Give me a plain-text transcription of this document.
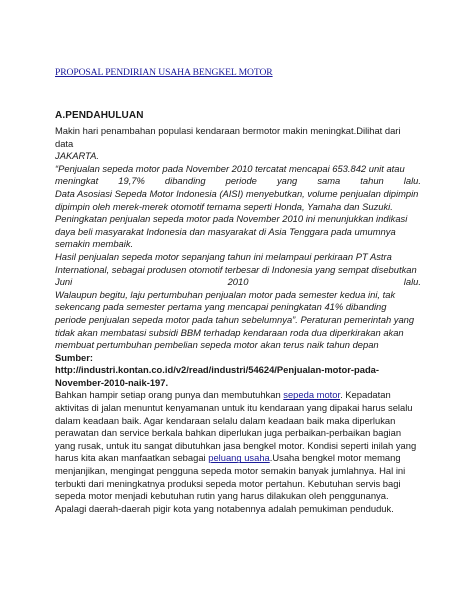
PROPOSAL PENDIRIAN USAHA BENGKEL MOTOR
A.PENDAHULUAN
Makin hari penambahan populasi kendaraan bermotor makin meningkat.Dilihat dari
data
JAKARTA.
“Penjualan sepeda motor pada November 2010 tercatat mencapai 653.842 unit atau
meningkat 19,7% dibanding periode yang sama tahun lalu.
Data Asosiasi Sepeda Motor Indonesia (AISI) menyebutkan, volume penjualan dipimpin
dipimpin oleh merek-merek otomotif ternama seperti Honda, Yamaha dan Suzuki.
Peningkatan penjualan sepeda motor pada November 2010 ini menunjukkan indikasi
daya beli masyarakat Indonesia dan masyarakat di Asia Tenggara pada umumnya
semakin membaik.
Hasil penjualan sepeda motor sepanjang tahun ini melampaui perkiraan PT Astra
International, sebagai produsen otomotif terbesar di Indonesia yang sempat disebutkan
Juni	2010	lalu.
Walaupun begitu, laju pertumbuhan penjualan motor pada semester kedua ini, tak
sekencang pada semester pertama yang mencapai peningkatan 41% dibanding
periode penjualan sepeda motor pada tahun sebelumnya”. Peraturan pemerintah yang
tidak akan membatasi subsidi BBM terhadap kendaraan roda dua diperkirakan akan
membuat pertumbuhan pembelian sepeda motor akan terus naik tahun depan
Sumber:
http://industri.kontan.co.id/v2/read/industri/54624/Penjualan-motor-pada-
November-2010-naik-197.
Bahkan hampir setiap orang punya dan membutuhkan sepeda motor. Kepadatan
aktivitas di jalan menuntut kenyamanan untuk itu kendaraan yang dipakai harus selalu
dalam keadaan baik. Agar kendaraan selalu dalam keadaan baik maka diperlukan
perawatan dan service berkala bahkan diperlukan juga perbaikan-perbaikan bagian
yang rusak, untuk itu sangat dibutuhkan jasa bengkel motor. Kondisi seperti inilah yang
harus kita akan manfaatkan sebagai peluang usaha.Usaha bengkel motor memang
menjanjikan, mengingat pengguna sepeda motor semakin banyak jumlahnya. Hal ini
terbukti dari meningkatnya produksi sepeda motor pertahun. Kebutuhan servis bagi
sepeda motor menjadi kebutuhan rutin yang harus dilakukan oleh penggunanya.
Apalagi daerah-daerah pigir kota yang notabennya adalah pemukiman penduduk.
